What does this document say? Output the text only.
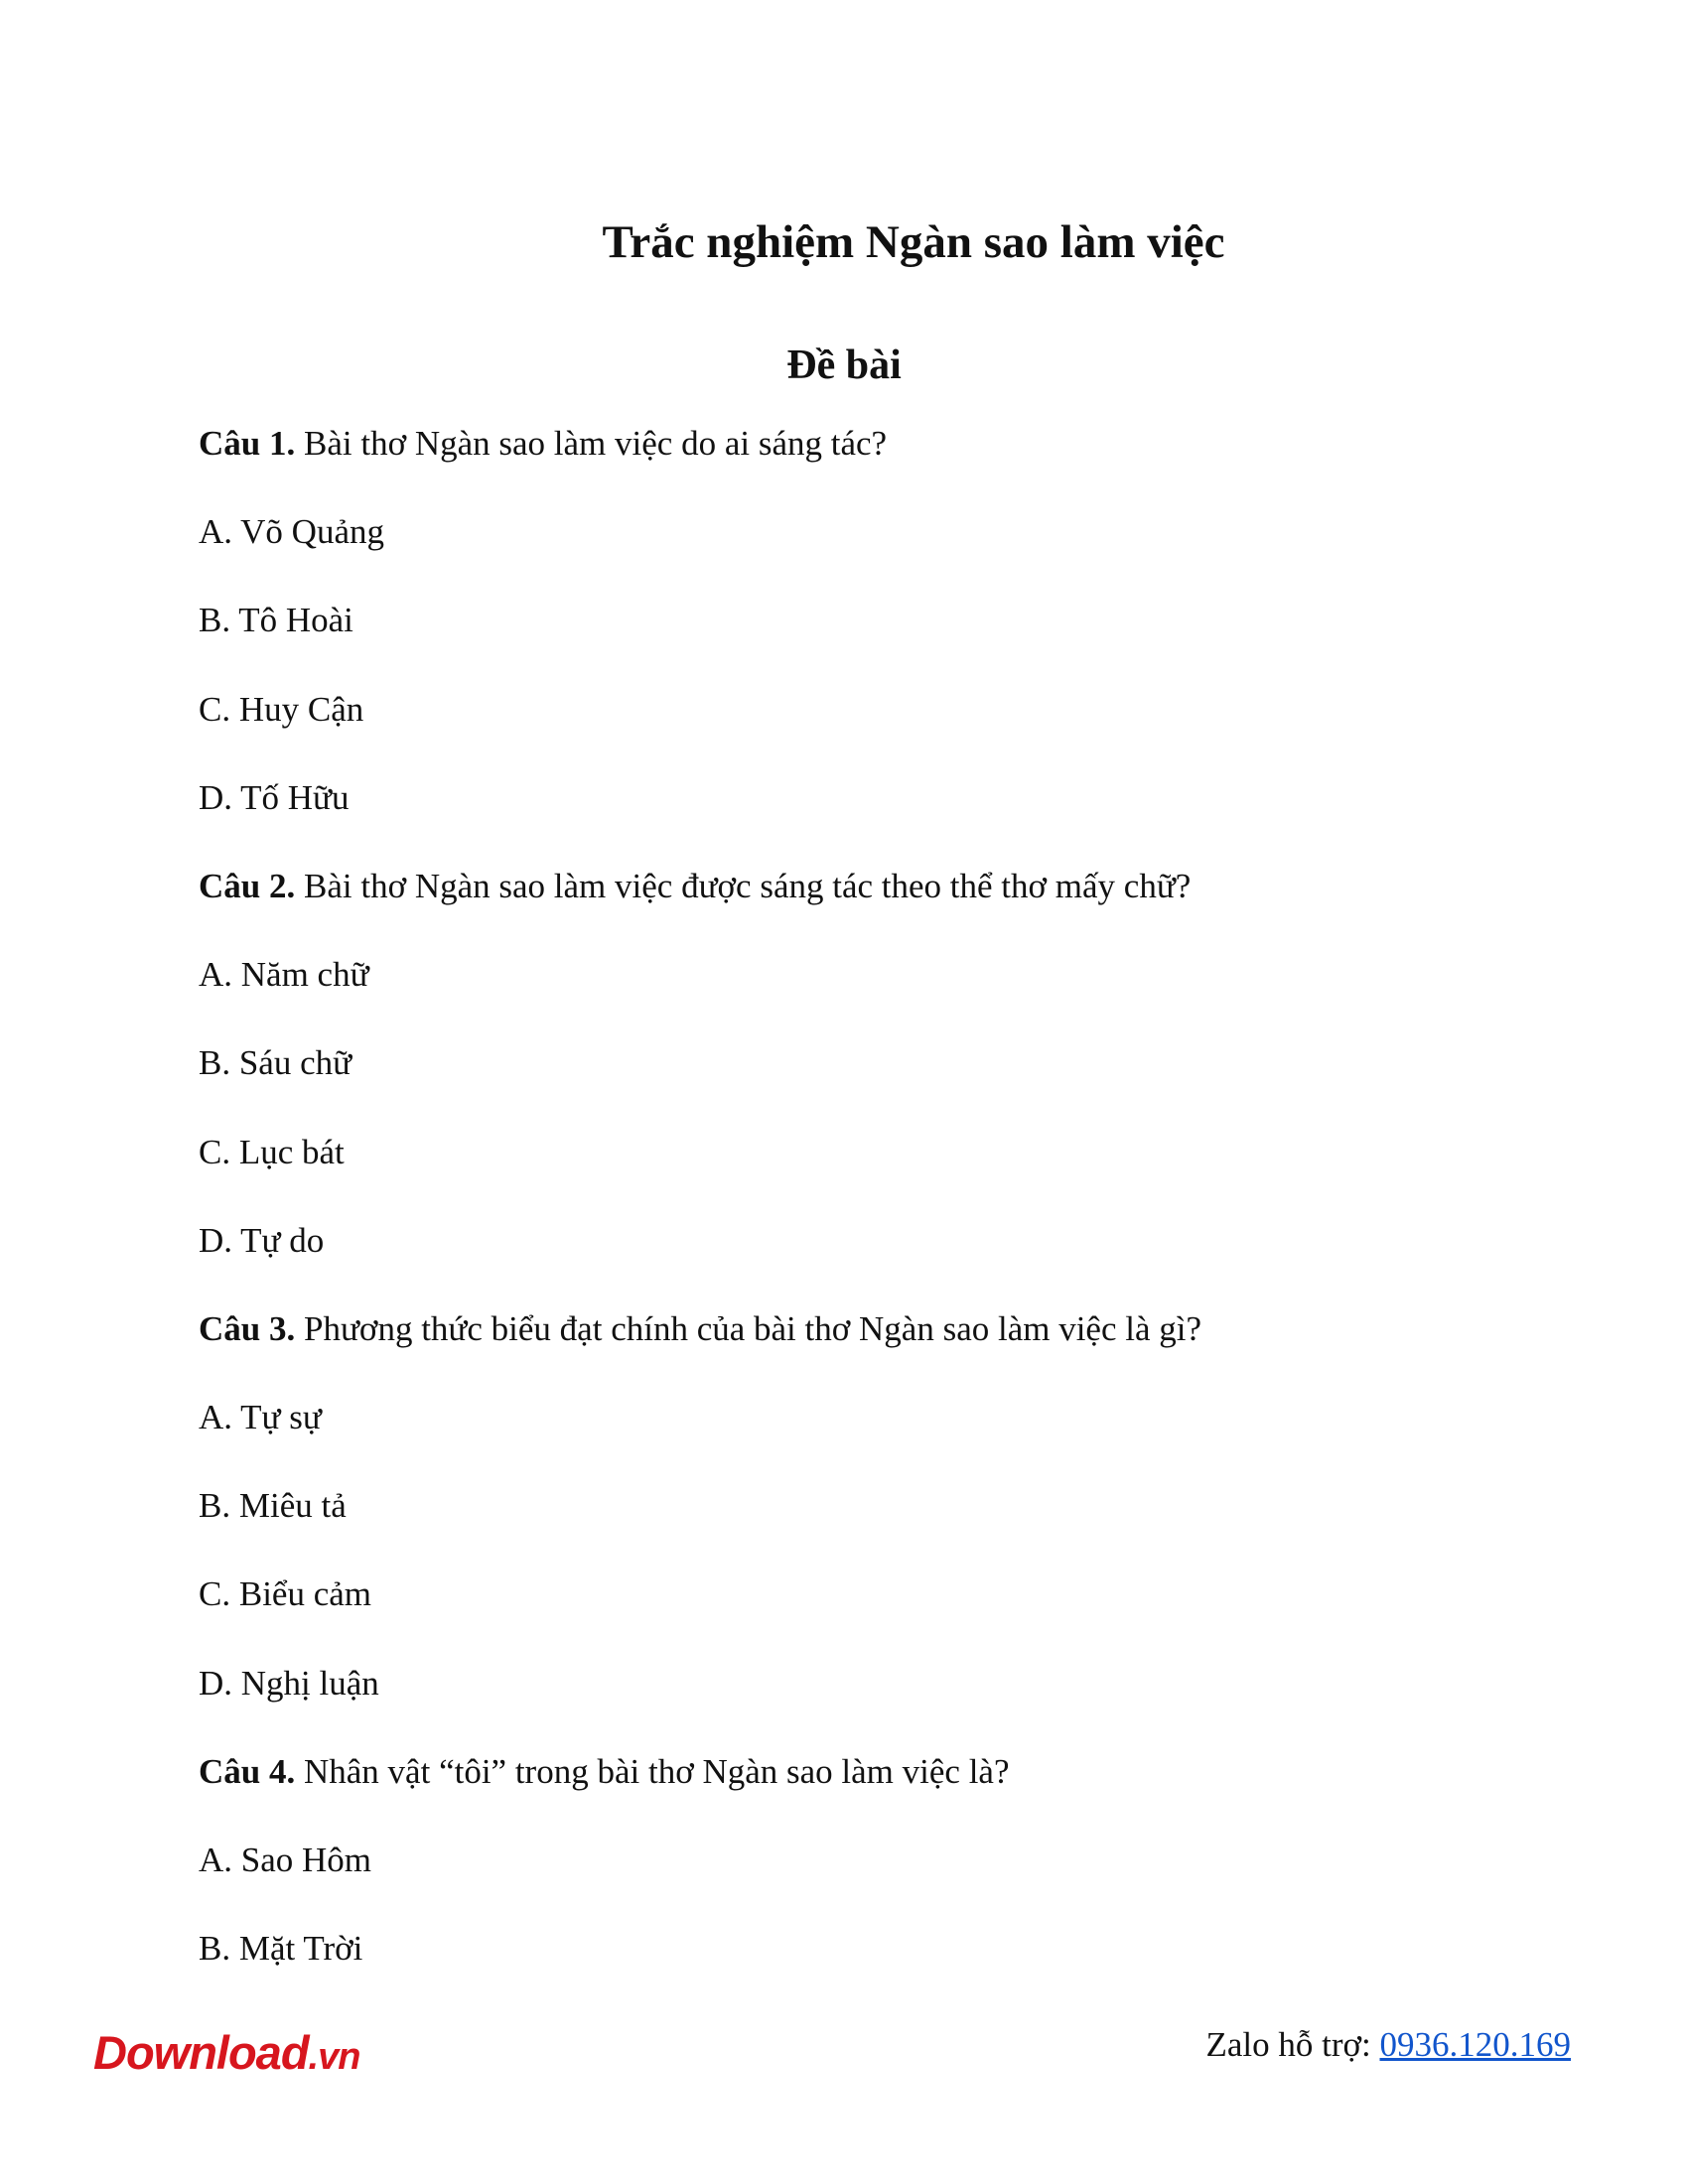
Trắc nghiệm Ngàn sao làm việc
Đề bài
Câu 1. Bài thơ Ngàn sao làm việc do ai sáng tác?
A. Võ Quảng
B. Tô Hoài
C. Huy Cận
D. Tố Hữu
Câu 2. Bài thơ Ngàn sao làm việc được sáng tác theo thể thơ mấy chữ?
A. Năm chữ
B. Sáu chữ
C. Lục bát
D. Tự do
Câu 3. Phương thức biểu đạt chính của bài thơ Ngàn sao làm việc là gì?
A. Tự sự
B. Miêu tả
C. Biểu cảm
D. Nghị luận
Câu 4. Nhân vật “tôi” trong bài thơ Ngàn sao làm việc là?
A. Sao Hôm
B. Mặt Trời
Download.vn	Zalo hỗ trợ: 0936.120.169
